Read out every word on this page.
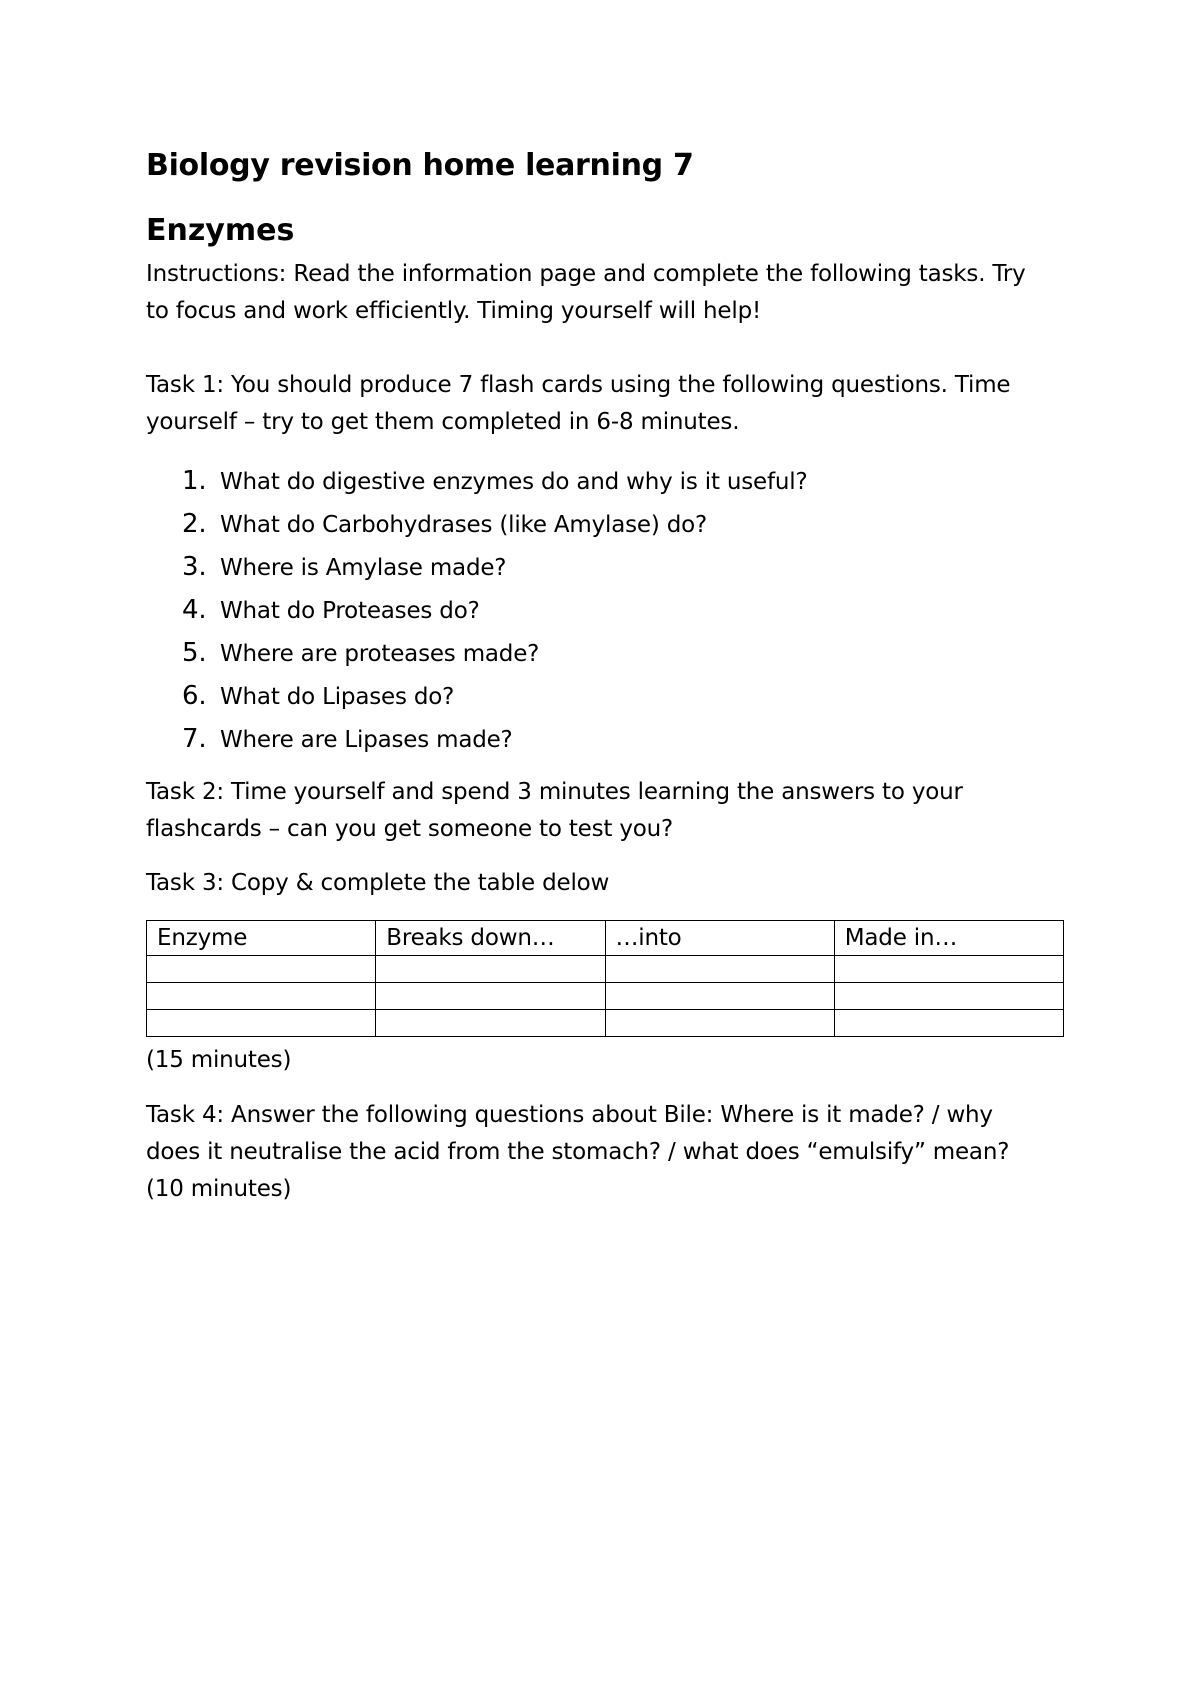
Biology revision home learning 7
Enzymes
Instructions: Read the information page and complete the following tasks. Try
to focus and work efficiently. Timing yourself will help!
Task 1: You should produce 7 flash cards using the following questions. Time
yourself – try to get them completed in 6-8 minutes.
1. What do digestive enzymes do and why is it useful?
2. What do Carbohydrases (like Amylase) do?
3. Where is Amylase made?
4. What do Proteases do?
5. Where are proteases made?
6. What do Lipases do?
7. Where are Lipases made?
Task 2: Time yourself and spend 3 minutes learning the answers to your
flashcards – can you get someone to test you?
Task 3: Copy & complete the table delow
Enzyme	Breaks down…	…into	Made in…

(15 minutes)
Task 4: Answer the following questions about Bile: Where is it made? / why
does it neutralise the acid from the stomach? / what does “emulsify” mean?
(10 minutes)
